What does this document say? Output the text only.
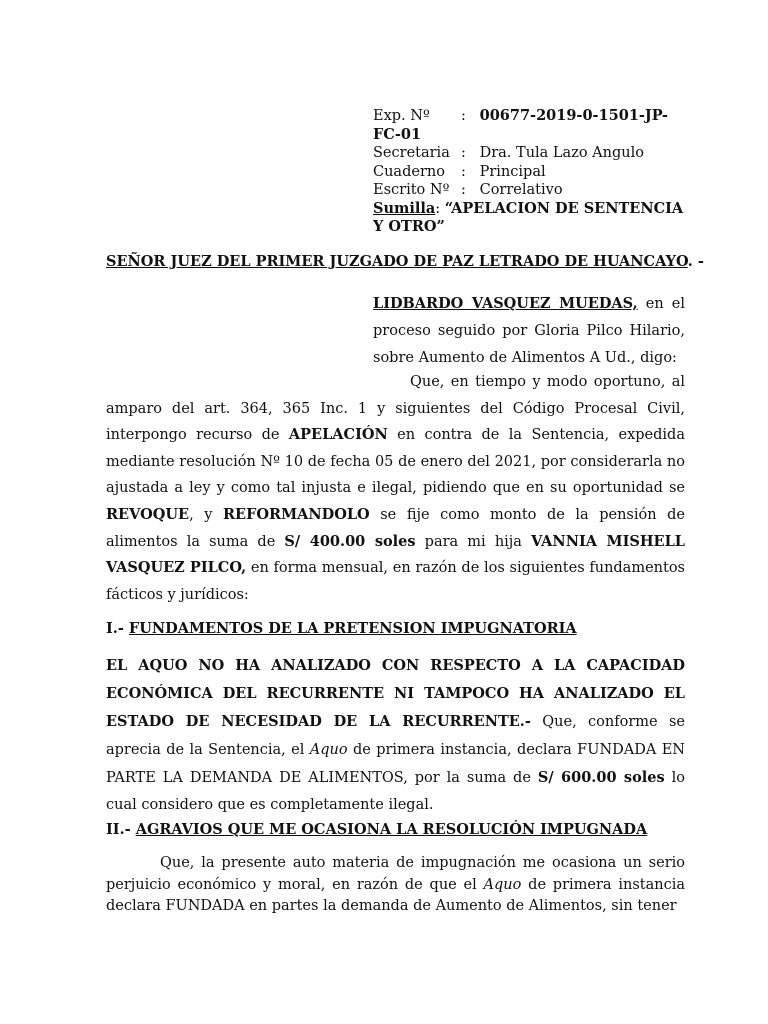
Exp. Nº : 00677-2019-0-1501-JP-FC-01
Secretaria : Dra. Tula Lazo Angulo
Cuaderno : Principal
Escrito Nº : Correlativo
Sumilla: “APELACION DE SENTENCIA Y OTRO”
SEÑOR JUEZ DEL PRIMER JUZGADO DE PAZ LETRADO DE HUANCAYO. -
LIDBARDO VASQUEZ MUEDAS, en el proceso seguido por Gloria Pilco Hilario, sobre Aumento de Alimentos A Ud., digo:

Que, en tiempo y modo oportuno, al amparo del art. 364, 365 Inc. 1 y siguientes del Código Procesal Civil, interpongo recurso de APELACIÓN en contra de la Sentencia, expedida mediante resolución Nº 10 de fecha 05 de enero del 2021, por considerarla no ajustada a ley y como tal injusta e ilegal, pidiendo que en su oportunidad se REVOQUE, y REFORMANDOLO se fije como monto de la pensión de alimentos la suma de S/ 400.00 soles para mi hija VANNIA MISHELL VASQUEZ PILCO, en forma mensual, en razón de los siguientes fundamentos fácticos y jurídicos:

I.- FUNDAMENTOS DE LA PRETENSION IMPUGNATORIA

EL AQUO NO HA ANALIZADO CON RESPECTO A LA CAPACIDAD ECONÓMICA DEL RECURRENTE NI TAMPOCO HA ANALIZADO EL ESTADO DE NECESIDAD DE LA RECURRENTE.- Que, conforme se aprecia de la Sentencia, el Aquo de primera instancia, declara FUNDADA EN PARTE LA DEMANDA DE ALIMENTOS, por la suma de S/ 600.00 soles lo cual considero que es completamente ilegal.

II.- AGRAVIOS QUE ME OCASIONA LA RESOLUCIÓN IMPUGNADA
Que, la presente auto materia de impugnación me ocasiona un serio perjuicio económico y moral, en razón de que el Aquo de primera instancia declara FUNDADA en partes la demanda de Aumento de Alimentos, sin tener
